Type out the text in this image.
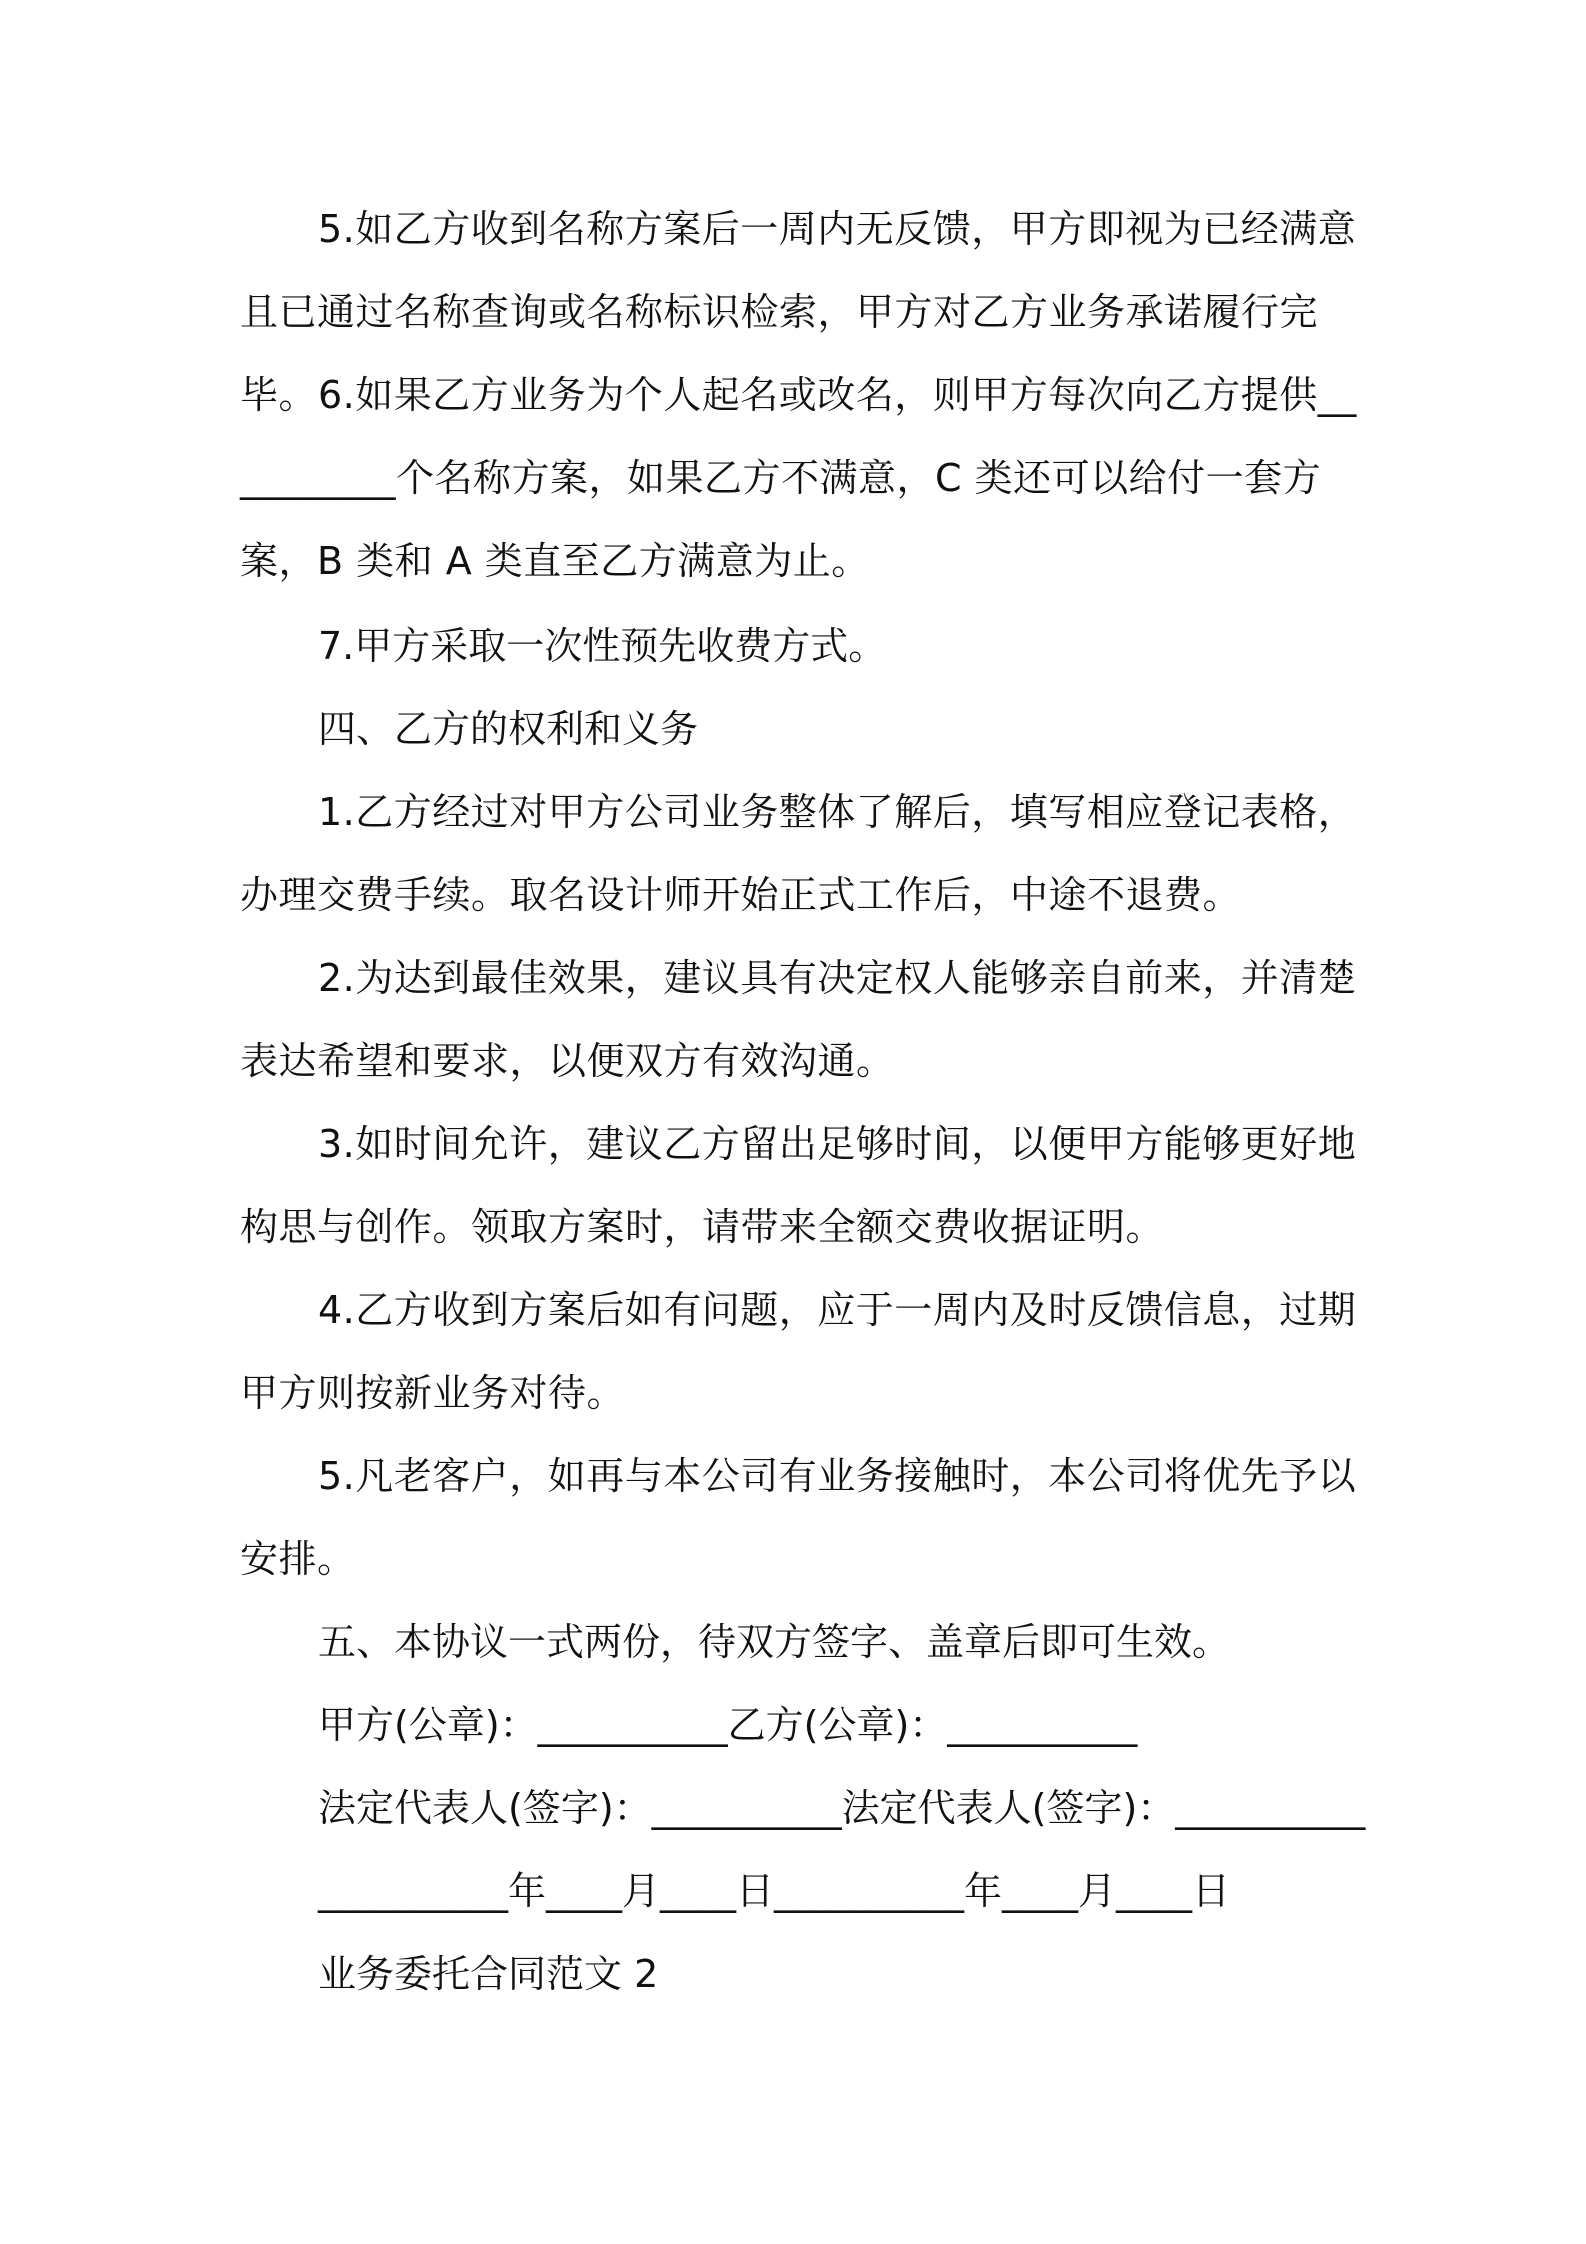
5.如乙方收到名称方案后一周内无反馈，甲方即视为已经满意且已通过名称查询或名称标识检索，甲方对乙方业务承诺履行完毕。 6.如果乙方业务为个人起名或改名，则甲方每次向乙方提供__________个名称方案，如果乙方不满意，C 类还可以给付一套方案，B 类和 A 类直至乙方满意为止。

7.甲方采取一次性预先收费方式。

四、乙方的权利和义务

1.乙方经过对甲方公司业务整体了解后，填写相应登记表格，办理交费手续。取名设计师开始正式工作后，中途不退费。

2.为达到最佳效果，建议具有决定权人能够亲自前来，并清楚表达希望和要求，以便双方有效沟通。

3.如时间允许，建议乙方留出足够时间，以便甲方能够更好地构思与创作。领取方案时，请带来全额交费收据证明。

4.乙方收到方案后如有问题，应于一周内及时反馈信息，过期甲方则按新业务对待。

5.凡老客户，如再与本公司有业务接触时，本公司将优先予以安排。

五、本协议一式两份，待双方签字、盖章后即可生效。

甲方(公章)：__________乙方(公章)：__________

法定代表人(签字)：__________法定代表人(签字)：__________

__________年____月____日__________年____月____日

业务委托合同范文 2
